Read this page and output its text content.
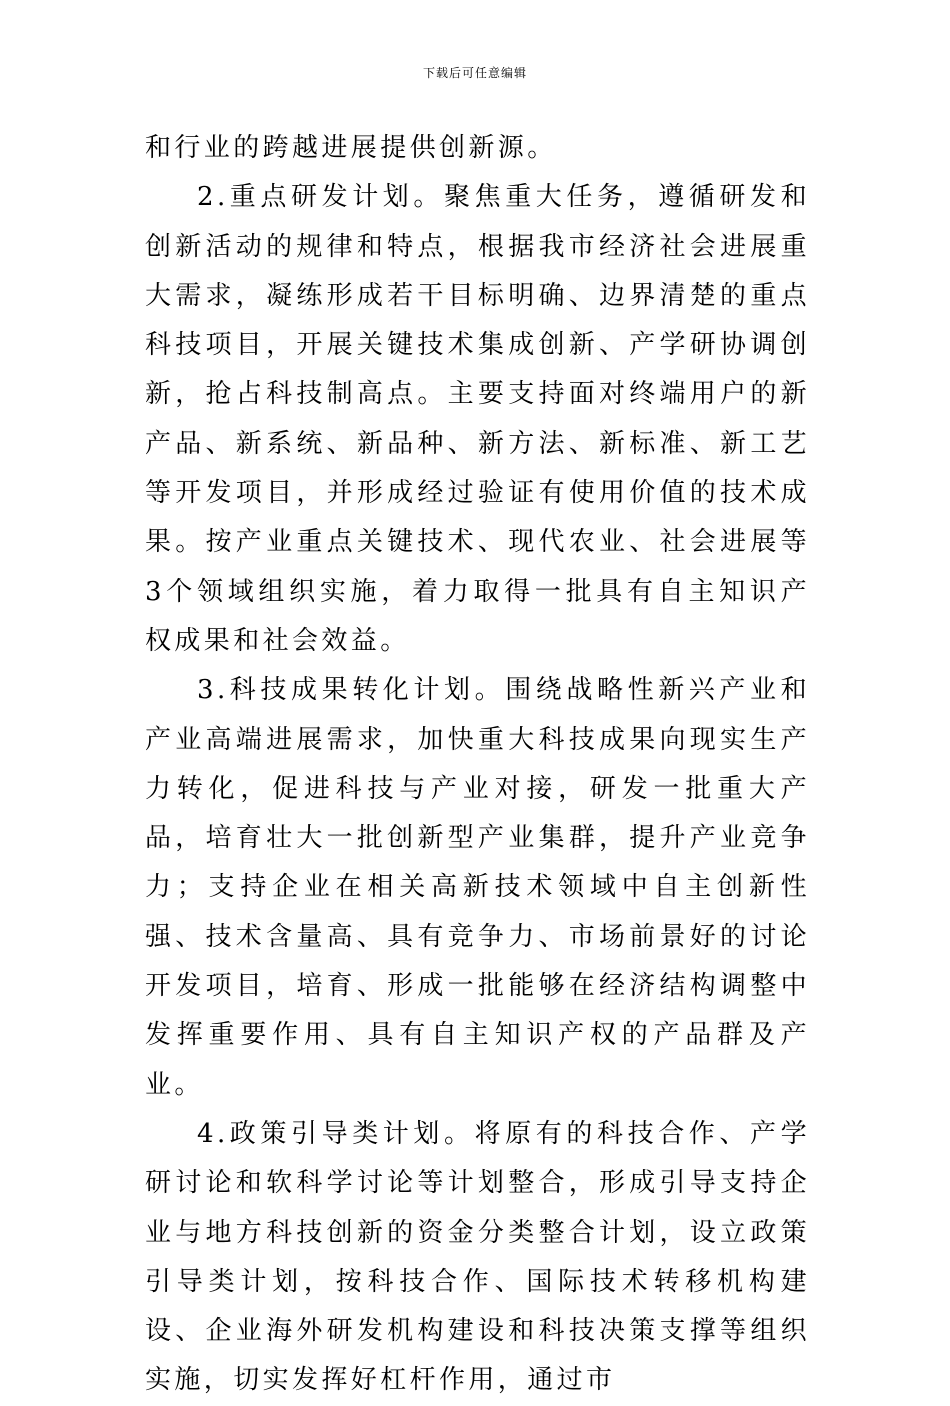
下载后可任意编辑

和行业的跨越进展提供创新源。

2.重点研发计划。聚焦重大任务，遵循研发和创新活动的规律和特点，根据我市经济社会进展重大需求，凝练形成若干目标明确、边界清楚的重点科技项目，开展关键技术集成创新、产学研协调创新，抢占科技制高点。主要支持面对终端用户的新产品、新系统、新品种、新方法、新标准、新工艺等开发项目，并形成经过验证有使用价值的技术成果。按产业重点关键技术、现代农业、社会进展等3个领域组织实施，着力取得一批具有自主知识产权成果和社会效益。

3.科技成果转化计划。围绕战略性新兴产业和产业高端进展需求，加快重大科技成果向现实生产力转化，促进科技与产业对接，研发一批重大产品，培育壮大一批创新型产业集群，提升产业竞争力；支持企业在相关高新技术领域中自主创新性强、技术含量高、具有竞争力、市场前景好的讨论开发项目，培育、形成一批能够在经济结构调整中发挥重要作用、具有自主知识产权的产品群及产业。

4.政策引导类计划。将原有的科技合作、产学研讨论和软科学讨论等计划整合，形成引导支持企业与地方科技创新的资金分类整合计划，设立政策引导类计划，按科技合作、国际技术转移机构建设、企业海外研发机构建设和科技决策支撑等组织实施，切实发挥好杠杆作用，通过市
